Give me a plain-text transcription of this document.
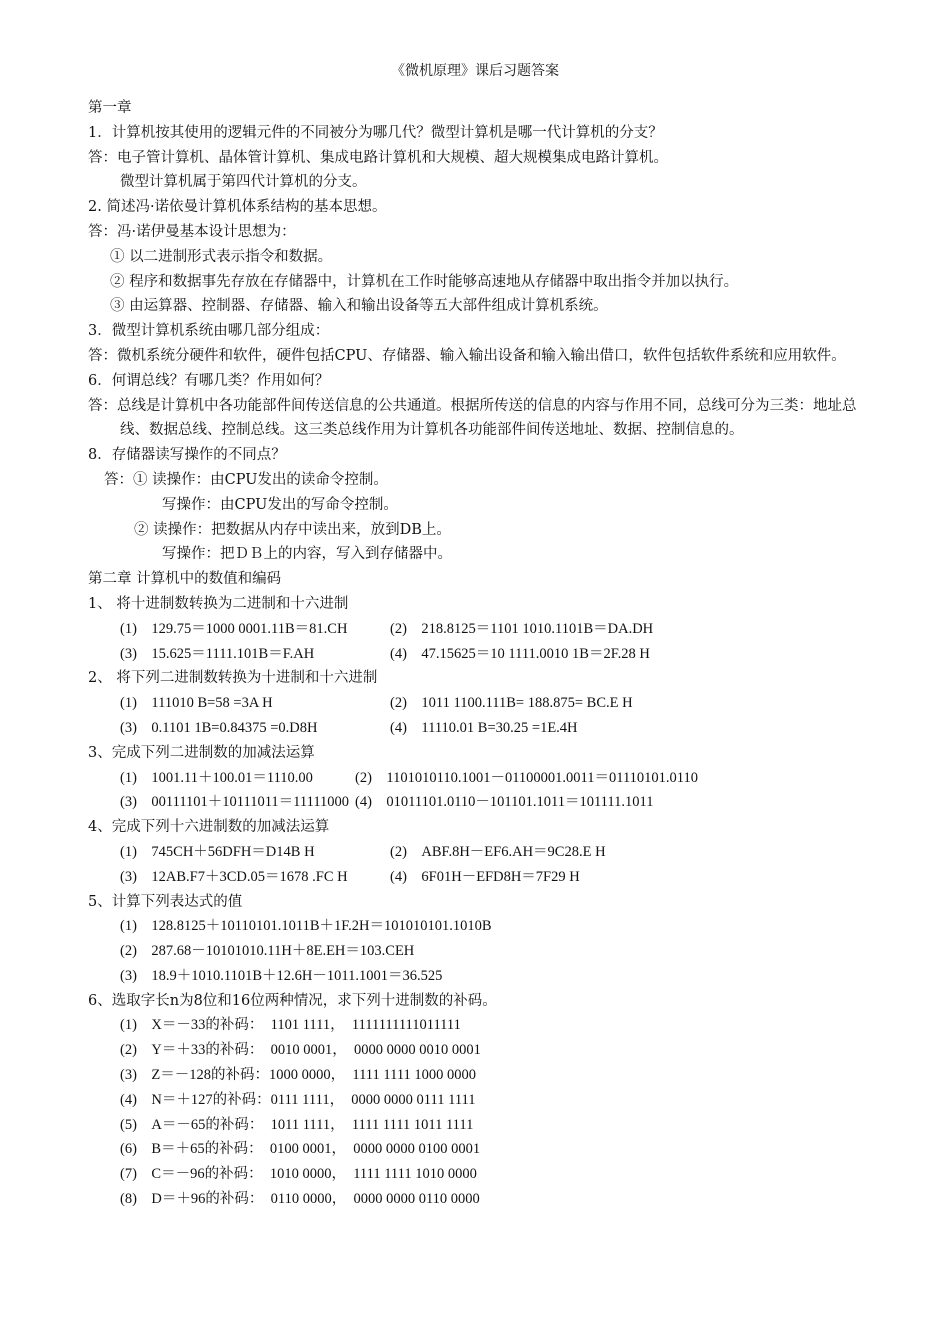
《微机原理》课后习题答案
第一章
1．计算机按其使用的逻辑元件的不同被分为哪几代？微型计算机是哪一代计算机的分支？
答：电子管计算机、晶体管计算机、集成电路计算机和大规模、超大规模集成电路计算机。
微型计算机属于第四代计算机的分支。
2. 简述冯·诺依曼计算机体系结构的基本思想。
答：冯·诺伊曼基本设计思想为：
① 以二进制形式表示指令和数据。
② 程序和数据事先存放在存储器中，计算机在工作时能够高速地从存储器中取出指令并加以执行。
③ 由运算器、控制器、存储器、输入和输出设备等五大部件组成计算机系统。
3．微型计算机系统由哪几部分组成：
答：微机系统分硬件和软件，硬件包括CPU、存储器、输入输出设备和输入输出借口，软件包括软件系统和应用软件。
6．何谓总线？有哪几类？作用如何？
答：总线是计算机中各功能部件间传送信息的公共通道。根据所传送的信息的内容与作用不同，总线可分为三类：地址总线、数据总线、控制总线。这三类总线作用为计算机各功能部件间传送地址、数据、控制信息的。
8．存储器读写操作的不同点？
答：① 读操作：由CPU发出的读命令控制。
写操作：由CPU发出的写命令控制。
② 读操作：把数据从内存中读出来，放到DB上。
写操作：把ＤＢ上的内容，写入到存储器中。
第二章 计算机中的数值和编码
1、 将十进制数转换为二进制和十六进制
(1)　129.75＝1000 0001.11B＝81.CH	(2)　218.8125＝1101 1010.1101B＝DA.DH
(3)　15.625＝1111.101B＝F.AH	(4)　47.15625＝10 1111.0010 1B＝2F.28 H
2、 将下列二进制数转换为十进制和十六进制
(1)　111010 B=58 =3A H	(2)　1011 1100.111B= 188.875= BC.E H
(3)　0.1101 1B=0.84375 =0.D8H	(4)　11110.01 B=30.25 =1E.4H
3、完成下列二进制数的加减法运算
(1)　1001.11＋100.01＝1110.00	(2)　1101010110.1001－01100001.0011＝01110101.0110
(3)　00111101＋10111011＝11111000 (4)　01011101.0110－101101.1011＝101111.1011
4、完成下列十六进制数的加减法运算
(1)　745CH＋56DFH＝D14B H	(2)　ABF.8H－EF6.AH＝9C28.E H
(3)　12AB.F7＋3CD.05＝1678 .FC H	(4)　6F01H－EFD8H＝7F29 H
5、计算下列表达式的值
(1)　128.8125＋10110101.1011B＋1F.2H＝101010101.1010B
(2)　287.68－10101010.11H＋8E.EH＝103.CEH
(3)　18.9＋1010.1101B＋12.6H－1011.1001＝36.525
6、选取字长n为8位和16位两种情况，求下列十进制数的补码。
(1)　X＝－33的补码：　1101 1111，　1111111111011111
(2)　Y＝＋33的补码：　0010 0001，　0000 0000 0010 0001
(3)　Z＝－128的补码：1000 0000，　1111 1111 1000 0000
(4)　N＝＋127的补码：0111 1111，　0000 0000 0111 1111
(5)　A＝－65的补码：　1011 1111，　1111 1111 1011 1111
(6)　B＝＋65的补码：　0100 0001，　0000 0000 0100 0001
(7)　C＝－96的补码：　1010 0000，　1111 1111 1010 0000
(8)　D＝＋96的补码：　0110 0000，　0000 0000 0110 0000
